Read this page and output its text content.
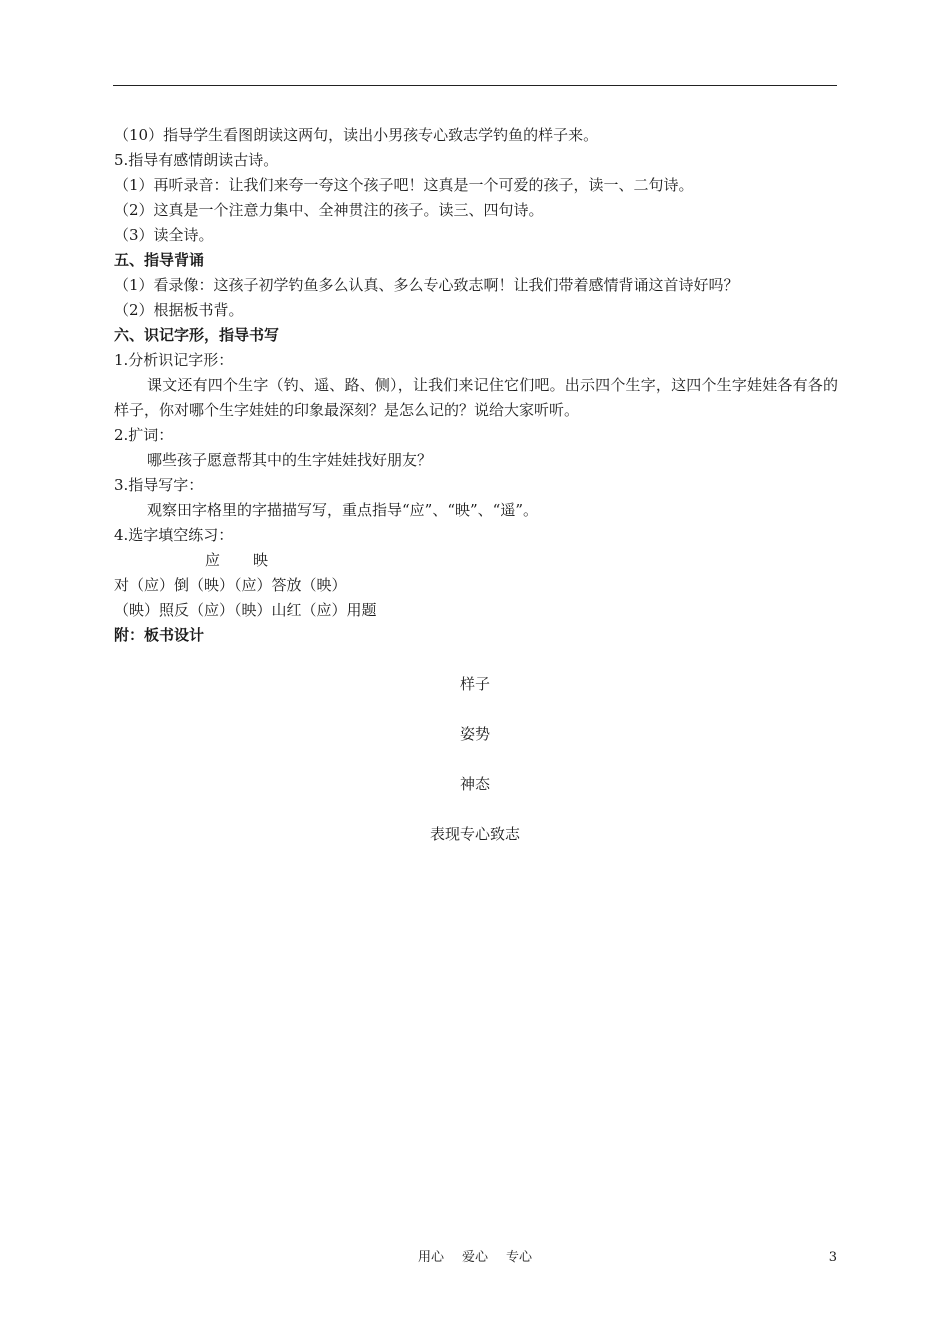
（10）指导学生看图朗读这两句，读出小男孩专心致志学钓鱼的样子来。

5.指导有感情朗读古诗。

（1）再听录音：让我们来夸一夸这个孩子吧！这真是一个可爱的孩子，读一、二句诗。

（2）这真是一个注意力集中、全神贯注的孩子。读三、四句诗。

（3）读全诗。

五、指导背诵

（1）看录像：这孩子初学钓鱼多么认真、多么专心致志啊！让我们带着感情背诵这首诗好吗？

（2）根据板书背。

六、识记字形，指导书写

1.分析识记字形：

课文还有四个生字（钓、遥、路、侧），让我们来记住它们吧。出示四个生字，这四个生字娃娃各有各的样子，你对哪个生字娃娃的印象最深刻？是怎么记的？说给大家听听。

2.扩词：

哪些孩子愿意帮其中的生字娃娃找好朋友？

3.指导写字：

观察田字格里的字描描写写，重点指导“应”、“映”、“遥”。

4.选字填空练习：

应 映

对（应）倒（映）（应）答放（映）

（映）照反（应）（映）山红（应）用题

附：板书设计

样子
姿势
神态
表现专心致志
用心 爱心 专心	3
